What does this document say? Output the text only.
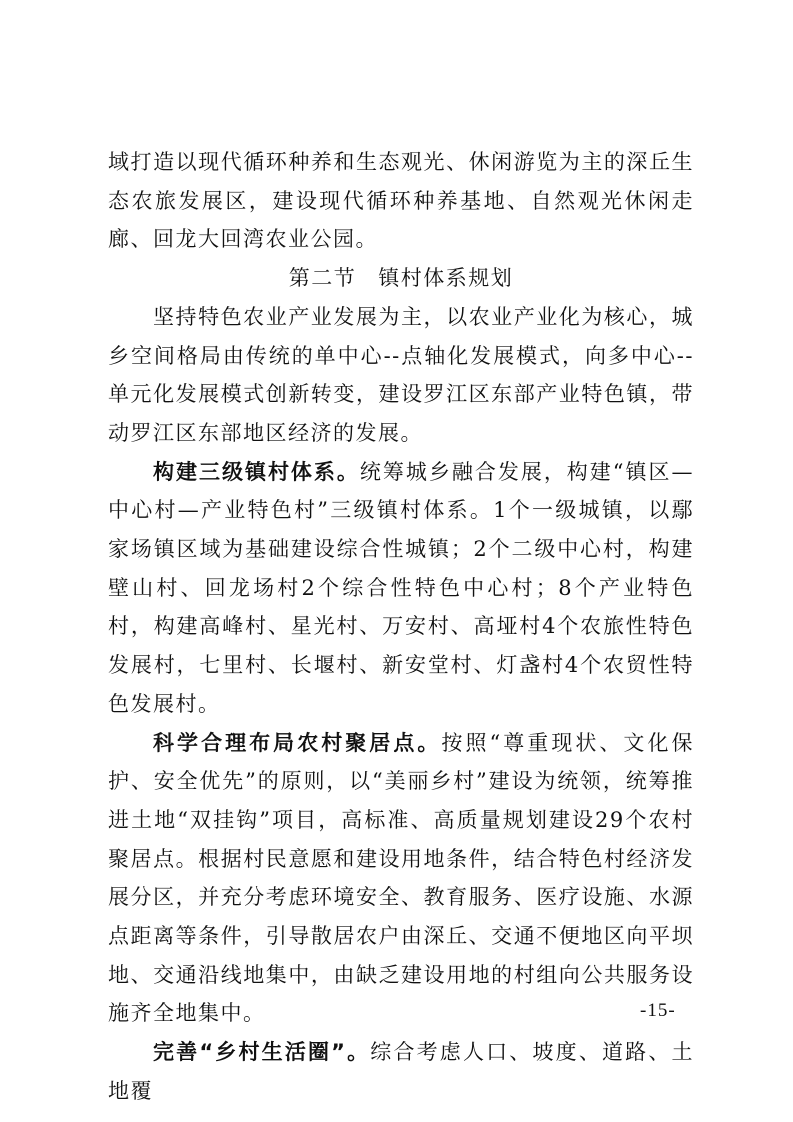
域打造以现代循环种养和生态观光、休闲游览为主的深丘生态农旅发展区，建设现代循环种养基地、自然观光休闲走廊、回龙大回湾农业公园。

第二节 镇村体系规划

坚持特色农业产业发展为主，以农业产业化为核心，城乡空间格局由传统的单中心--点轴化发展模式，向多中心--单元化发展模式创新转变，建设罗江区东部产业特色镇，带动罗江区东部地区经济的发展。

构建三级镇村体系。统筹城乡融合发展，构建“镇区—中心村—产业特色村”三级镇村体系。1个一级城镇，以鄢家场镇区域为基础建设综合性城镇；2个二级中心村，构建壁山村、回龙场村2个综合性特色中心村；8个产业特色村，构建高峰村、星光村、万安村、高垭村4个农旅性特色发展村，七里村、长堰村、新安堂村、灯盏村4个农贸性特色发展村。

科学合理布局农村聚居点。按照“尊重现状、文化保护、安全优先”的原则，以“美丽乡村”建设为统领，统筹推进土地“双挂钩”项目，高标准、高质量规划建设29个农村聚居点。根据村民意愿和建设用地条件，结合特色村经济发展分区，并充分考虑环境安全、教育服务、医疗设施、水源点距离等条件，引导散居农户由深丘、交通不便地区向平坝地、交通沿线地集中，由缺乏建设用地的村组向公共服务设施齐全地集中。

完善“乡村生活圈”。综合考虑人口、坡度、道路、土地覆

-15-
